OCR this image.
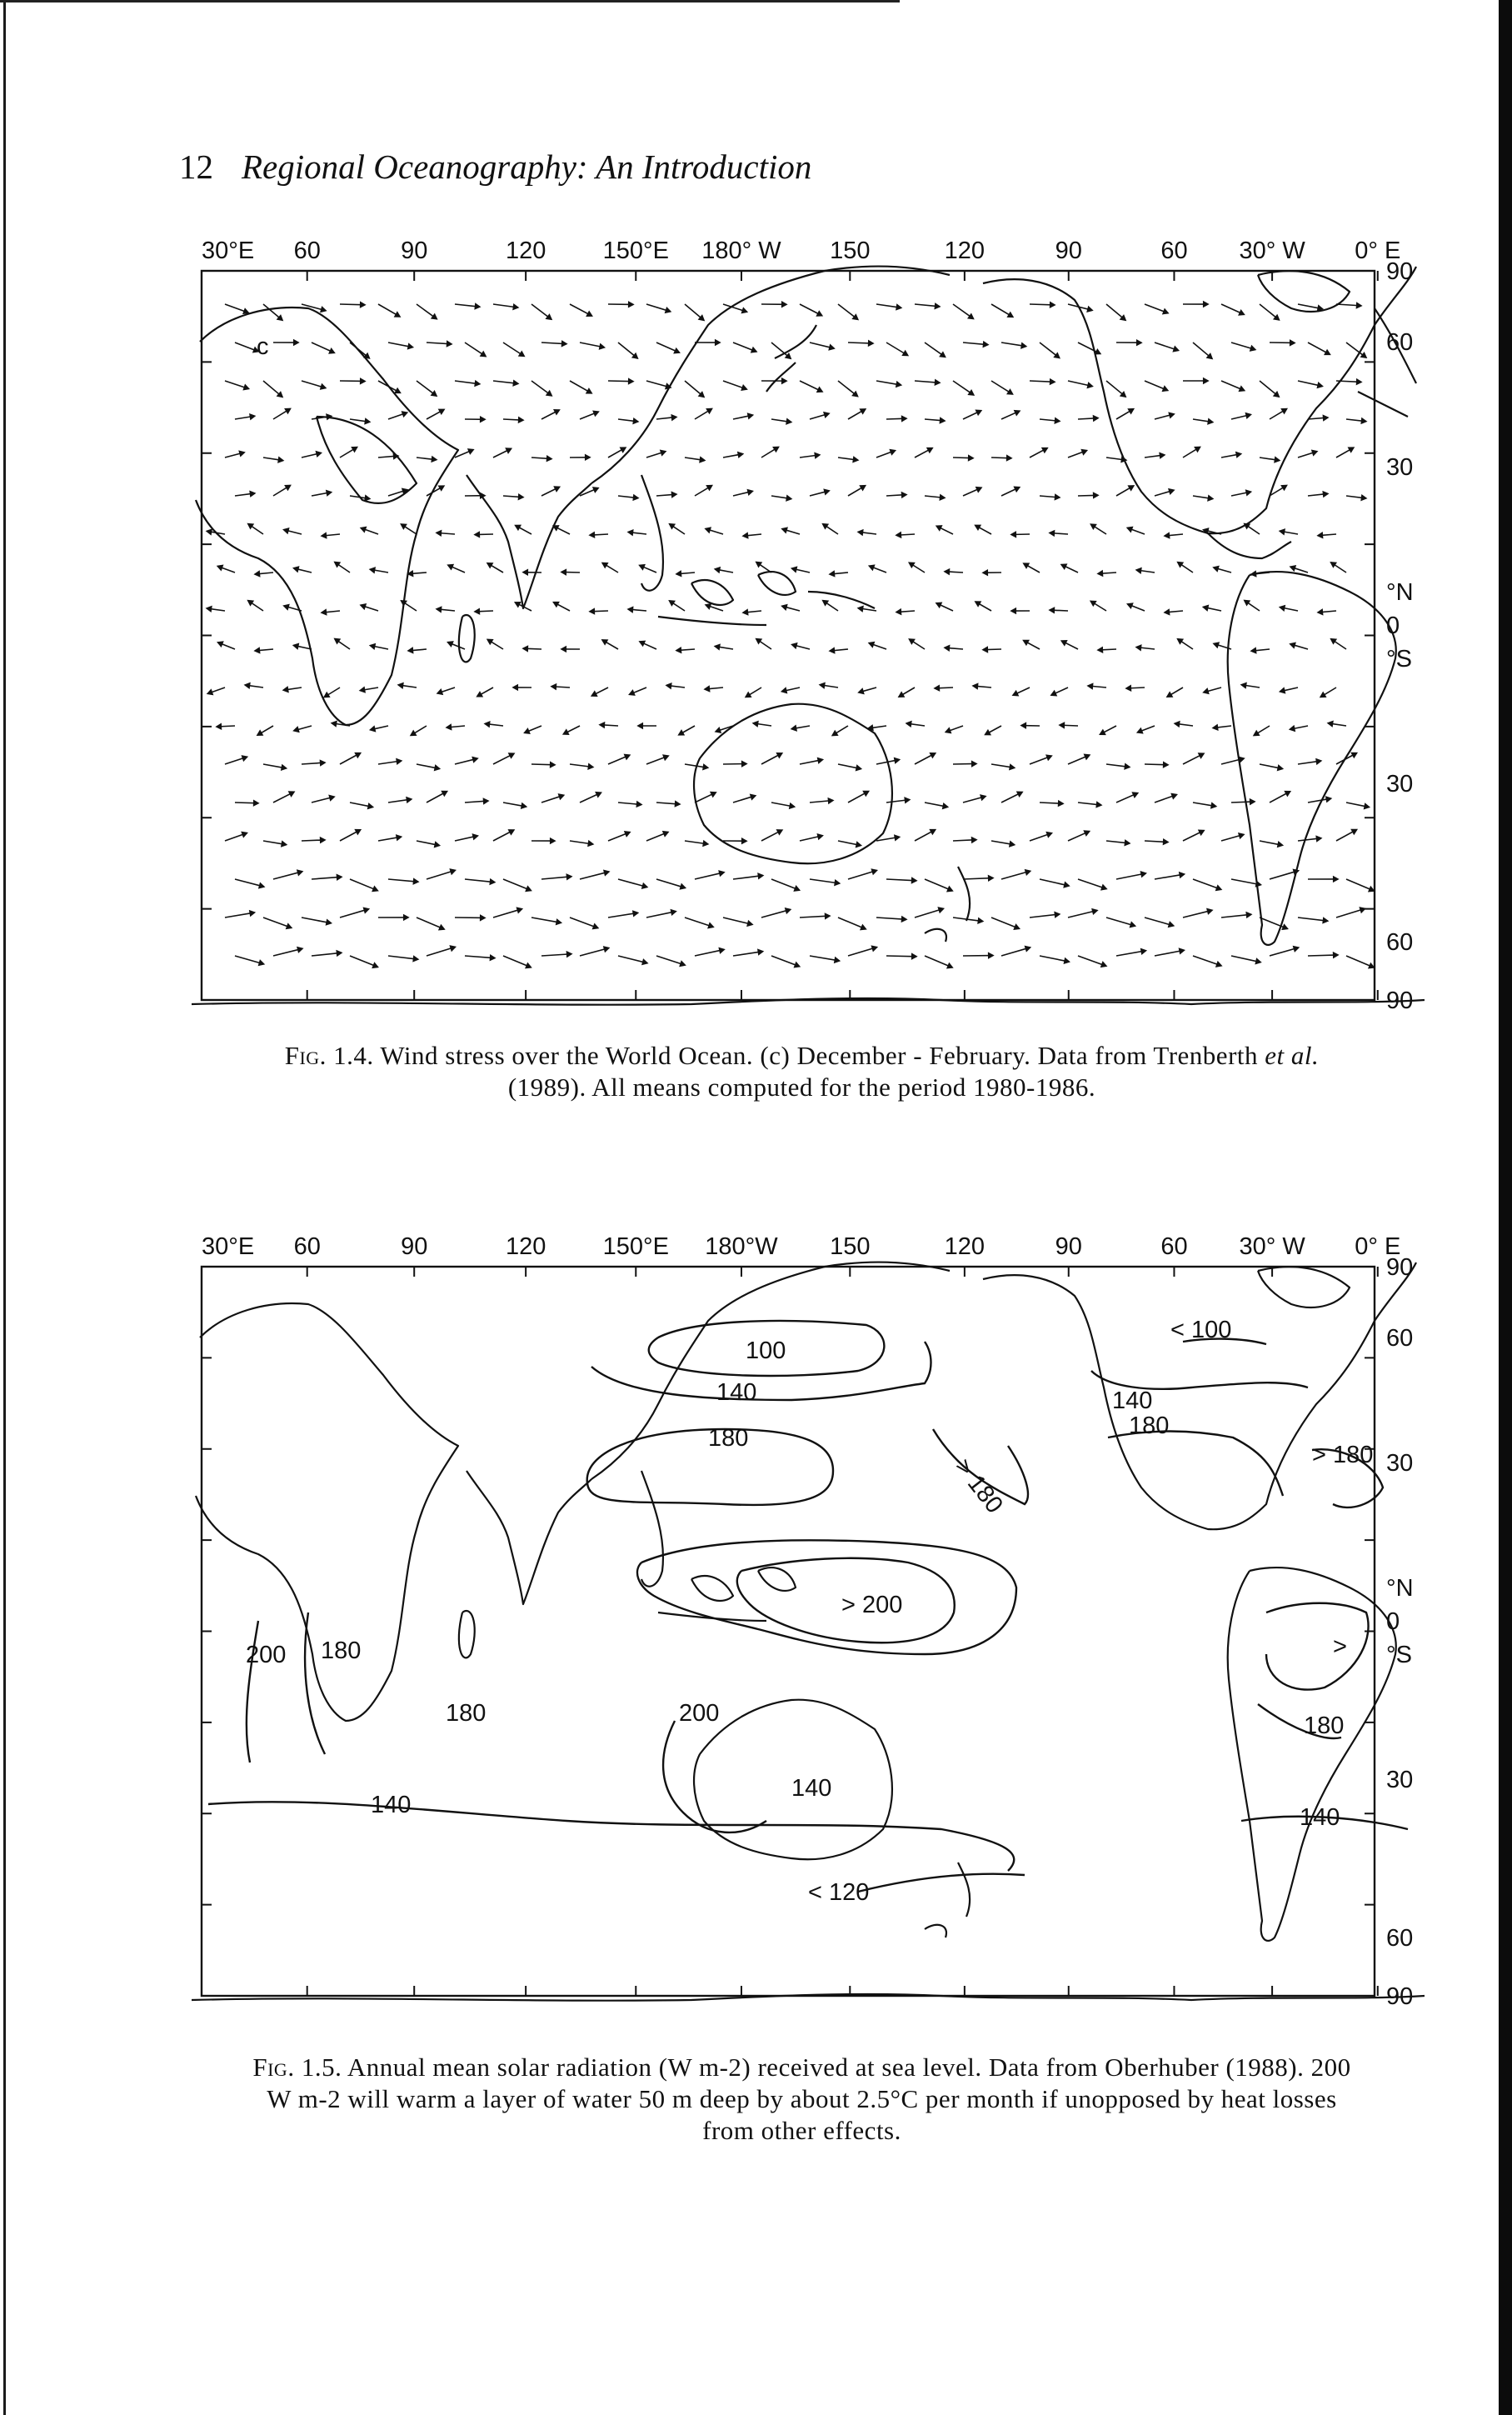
12 Regional Oceanography: An Introduction
30°E 60	90	120 150°E 180° W 150	120	90	60 30° W 0° E
90
60
30
°N
0
°S
30
60
90
c
Fig. 1.4. Wind stress over the World Ocean. (c) December - February. Data from Trenberth et al. (1989). All means computed for the period 1980-1986.
30°E 60	90	120 150°E 180°W 150	120	90	60 30° W 0° E
90
60
30
°N
0
°S
30
60
90
100
< 100
140	140
180	180
> 180
> 180
> 200
200 180
200
180
>
180
140	140
140
< 120
Fig. 1.5. Annual mean solar radiation (W m-2) received at sea level. Data from Oberhuber (1988). 200 W m-2 will warm a layer of water 50 m deep by about 2.5°C per month if unopposed by heat losses from other effects.
